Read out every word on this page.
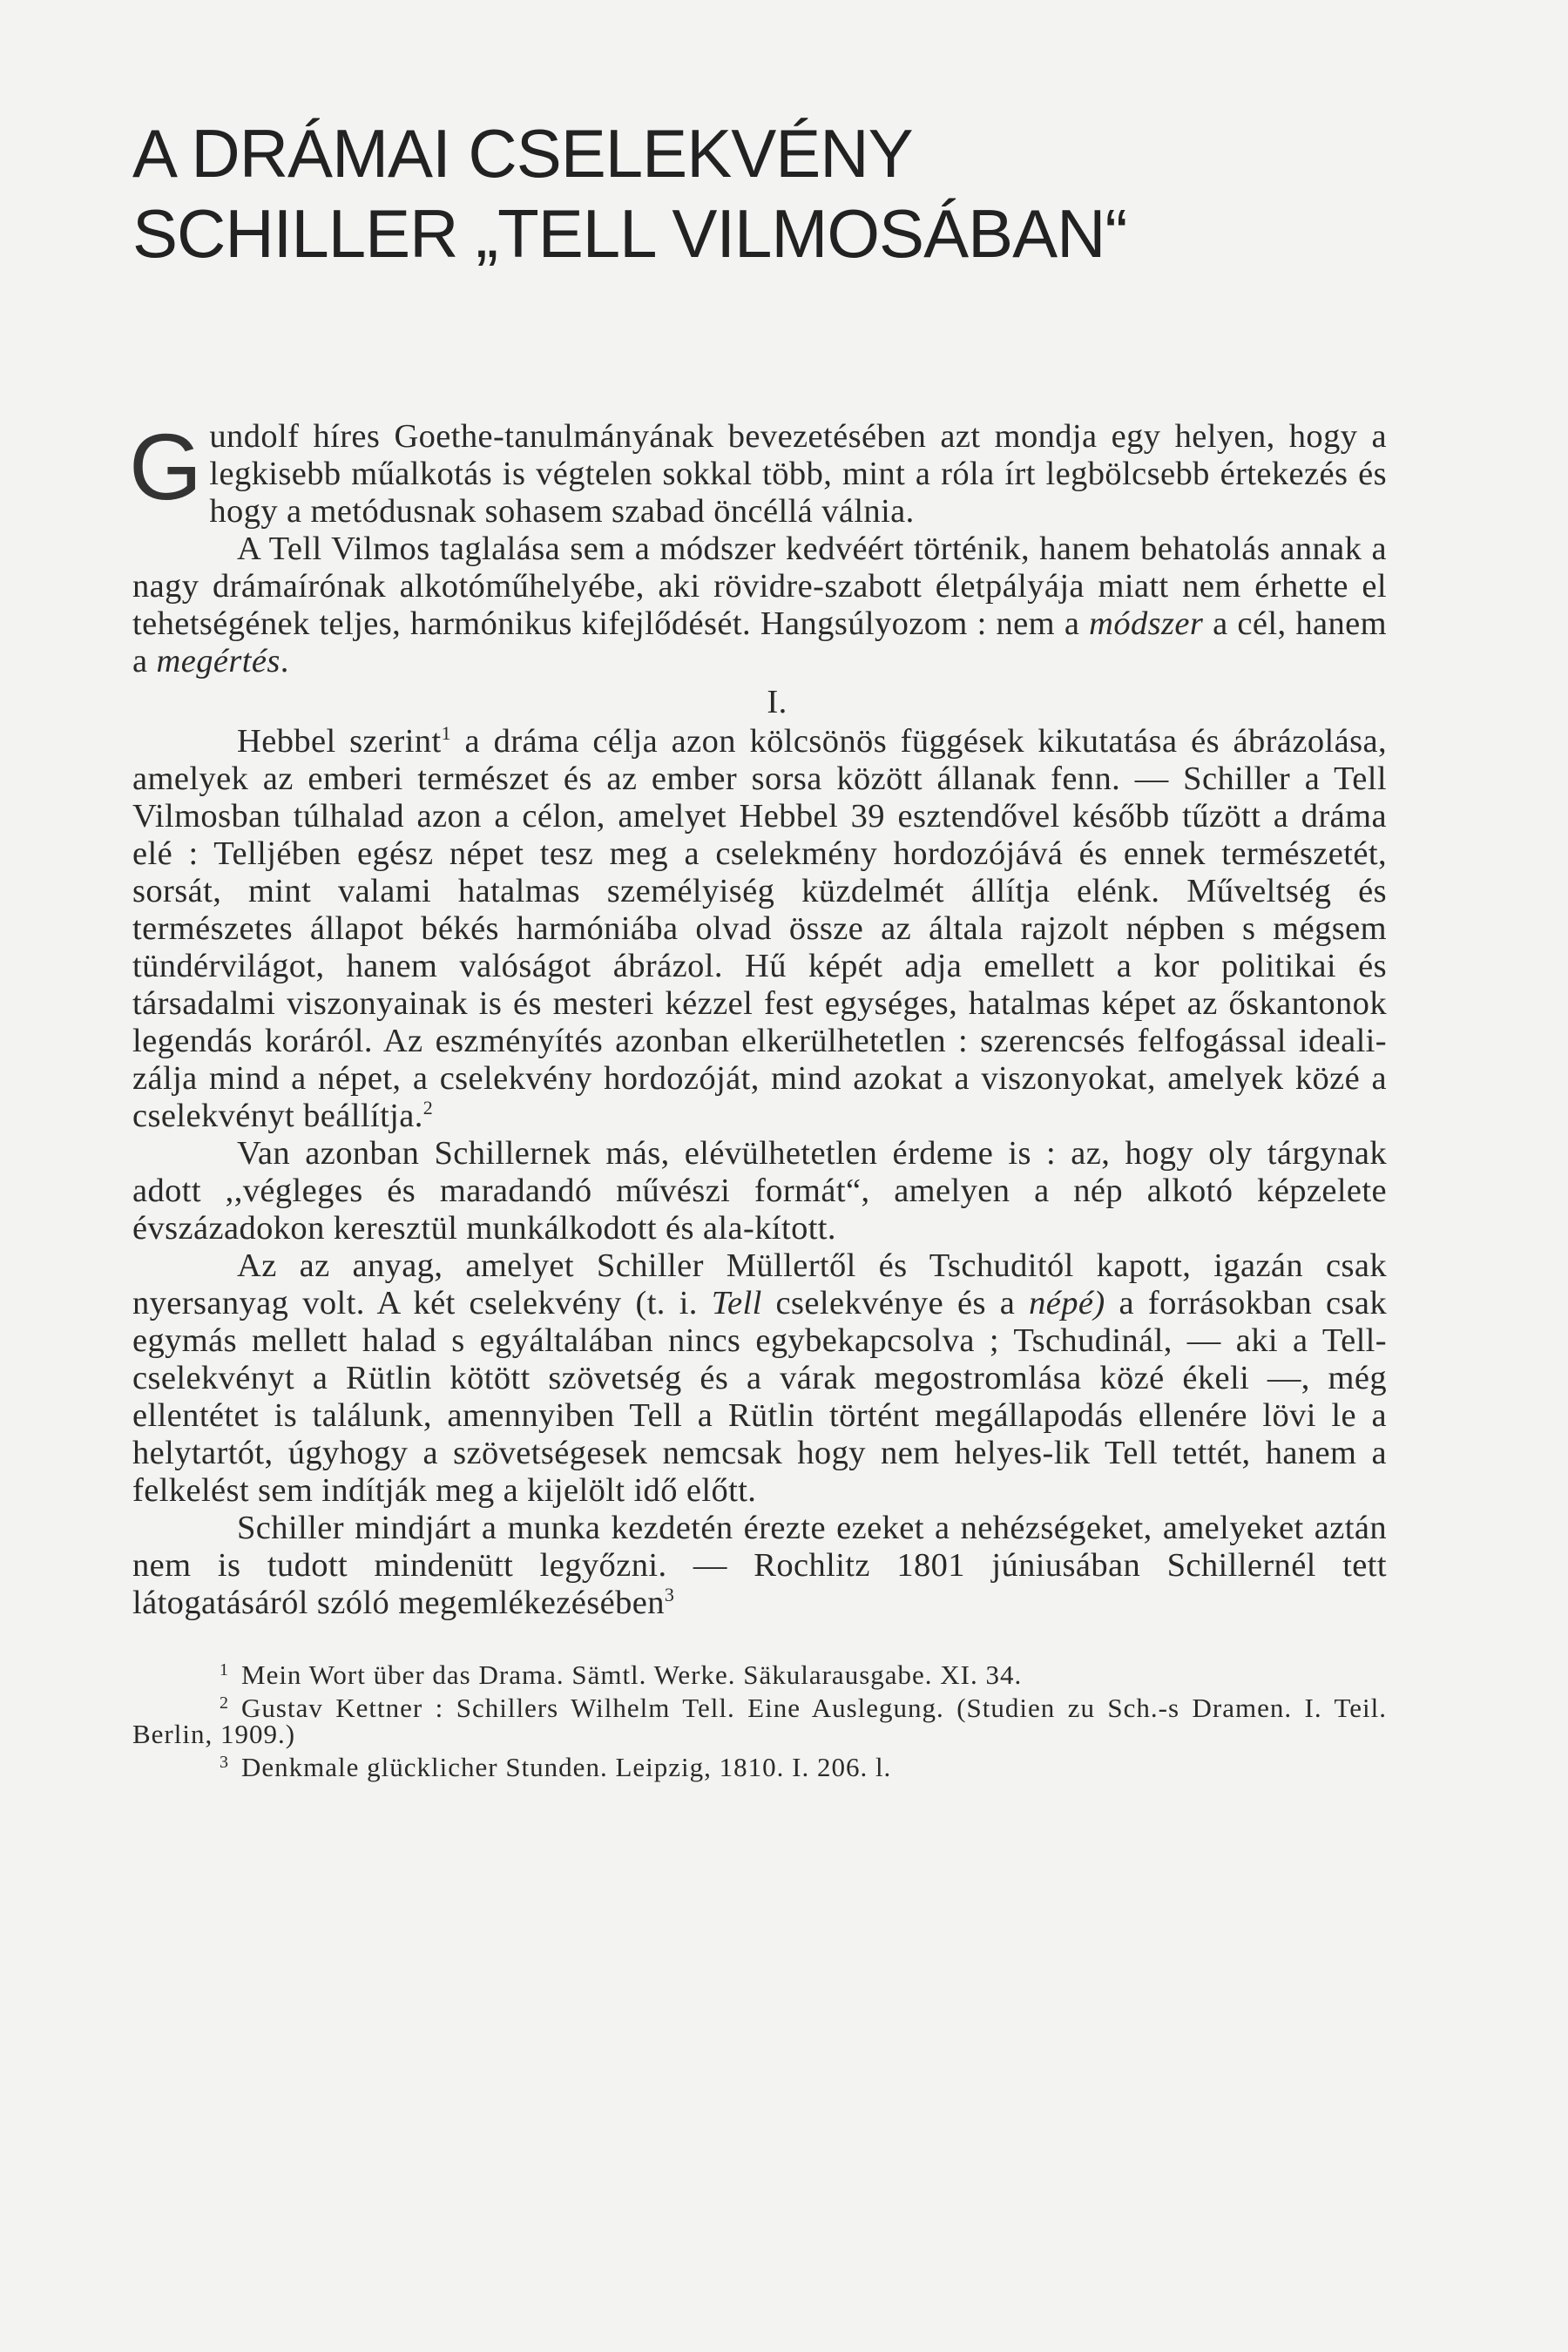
A DRÁMAI CSELEKVÉNY
SCHILLER „TELL VILMOSÁBAN“

Gundolf híres Goethe-tanulmányának bevezetésében azt mondja egy helyen, hogy a legkisebb műalkotás is végtelen sokkal több, mint a róla írt legbölcsebb értekezés és hogy a metódusnak sohasem szabad öncéllá válnia.

A Tell Vilmos taglalása sem a módszer kedvéért történik, hanem behatolás annak a nagy drámaírónak alkotóműhelyébe, aki rövidre-szabott életpályája miatt nem érhette el tehetségének teljes, harmónikus kifejlődését. Hangsúlyozom : nem a módszer a cél, hanem a megértés.

I.

Hebbel szerint$^1$ a dráma célja azon kölcsönös függések kikutatása és ábrázolása, amelyek az emberi természet és az ember sorsa között állanak fenn. — Schiller a Tell Vilmosban túlhalad azon a célon, amelyet Hebbel 39 esztendővel később tűzött a dráma elé : Telljében egész népet tesz meg a cselekmény hordozójává és ennek természetét, sorsát, mint valami hatalmas személyiség küzdelmét állítja elénk. Műveltség és természetes állapot békés harmóniába olvad össze az általa rajzolt népben s mégsem tündérvilágot, hanem valóságot ábrázol. Hű képét adja emellett a kor politikai és társadalmi viszonyainak is és mesteri kézzel fest egységes, hatalmas képet az őskantonok legendás koráról. Az eszményítés azonban elkerülhetetlen : szerencsés felfogással ideali-zálja mind a népet, a cselekvény hordozóját, mind azokat a viszonyokat, amelyek közé a cselekvényt beállítja.$^2$

Van azonban Schillernek más, elévülhetetlen érdeme is : az, hogy oly tárgynak adott ,,végleges és maradandó művészi formát“, amelyen a nép alkotó képzelete évszázadokon keresztül munkálkodott és ala-kított.

Az az anyag, amelyet Schiller Müllertől és Tschuditól kapott, igazán csak nyersanyag volt. A két cselekvény (t. i. Tell cselekvénye és a népé) a forrásokban csak egymás mellett halad s egyáltalában nincs egybekapcsolva ; Tschudinál, — aki a Tell-cselekvényt a Rütlin kötött szövetség és a várak megostromlása közé ékeli —, még ellentétet is találunk, amennyiben Tell a Rütlin történt megállapodás ellenére lövi le a helytartót, úgyhogy a szövetségesek nemcsak hogy nem helyes-lik Tell tettét, hanem a felkelést sem indítják meg a kijelölt idő előtt.

Schiller mindjárt a munka kezdetén érezte ezeket a nehézségeket, amelyeket aztán nem is tudott mindenütt legyőzni. — Rochlitz 1801 júniusában Schillernél tett látogatásáról szóló megemlékezésében$^3$

$^1$ Mein Wort über das Drama. Sämtl. Werke. Säkularausgabe. XI. 34.

$^2$ Gustav Kettner : Schillers Wilhelm Tell. Eine Auslegung. (Studien zu Sch.-s Dramen. I. Teil. Berlin, 1909.)

$^3$ Denkmale glücklicher Stunden. Leipzig, 1810. I. 206. l.
